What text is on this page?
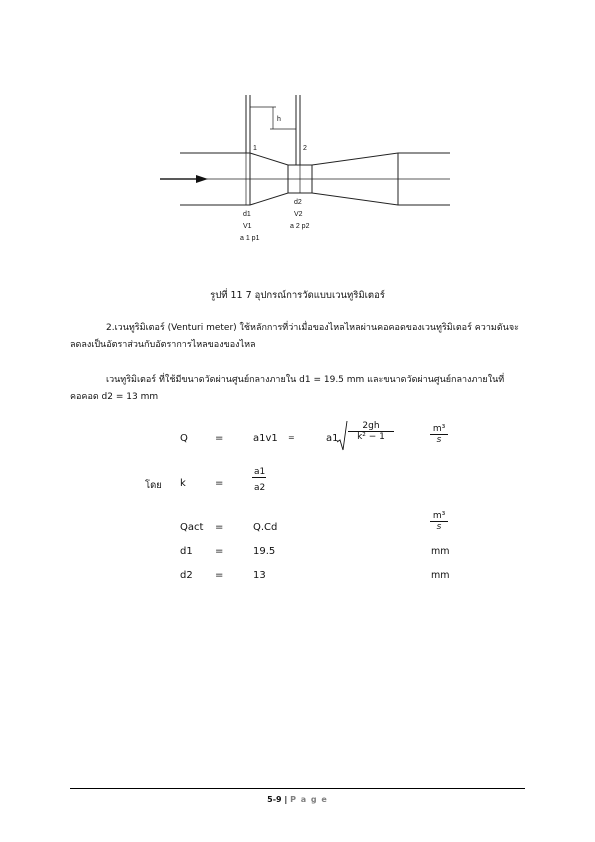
h
1	2
d1
V1
a 1 p1
d2
V2
a 2 p2
รูปที่ 11 7 อุปกรณ์การวัดแบบเวนทูริมิเตอร์
2.เวนทูริมิเตอร์ (Venturi meter) ใช้หลักการที่ว่าเมื่อของไหลไหลผ่านคอคอดของเวนทูริมิเตอร์ ความดันจะลดลงเป็นอัตราส่วนกับอัตราการไหลของของไหล
เวนทูริมิเตอร์ ที่ใช้มีขนาดวัดผ่านศูนย์กลางภายใน d1 = 19.5 mm และขนาดวัดผ่านศูนย์กลางภายในที่คอคอด d2 = 13 mm
Q	=	a1v1 =	$a1 \frac{2gh}{\text{k² − 1}}$	$\frac{\text{m³}}{s}$
โดย k	=	$\frac{a1}{a2}$
Qact =	Q.Cd	$\frac{\text{m³}}{s}$
d1 =	19.5	mm
d2 =	13	mm
5-9 | P a g e
